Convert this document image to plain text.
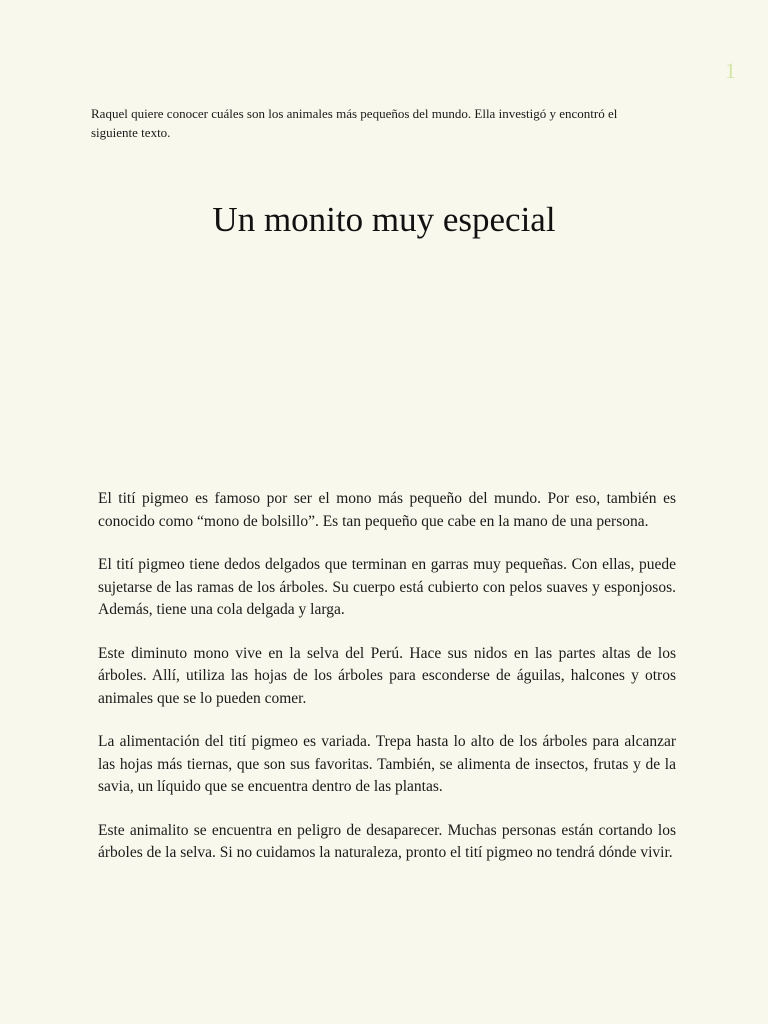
1

Raquel quiere conocer cuáles son los animales más pequeños del mundo. Ella investigó y encontró el siguiente texto.

Un monito muy especial

El tití pigmeo es famoso por ser el mono más pequeño del mundo. Por eso, también es conocido como “mono de bolsillo”. Es tan pequeño que cabe en la mano de una persona.

El tití pigmeo tiene dedos delgados que terminan en garras muy pequeñas. Con ellas, puede sujetarse de las ramas de los árboles. Su cuerpo está cubierto con pelos suaves y esponjosos. Además, tiene una cola delgada y larga.

Este diminuto mono vive en la selva del Perú. Hace sus nidos en las partes altas de los árboles. Allí, utiliza las hojas de los árboles para esconderse de águilas, halcones y otros animales que se lo pueden comer.

La alimentación del tití pigmeo es variada. Trepa hasta lo alto de los árboles para alcanzar las hojas más tiernas, que son sus favoritas. También, se alimenta de insectos, frutas y de la savia, un líquido que se encuentra dentro de las plantas.

Este animalito se encuentra en peligro de desaparecer. Muchas personas están cortando los árboles de la selva. Si no cuidamos la naturaleza, pronto el tití pigmeo no tendrá dónde vivir.
